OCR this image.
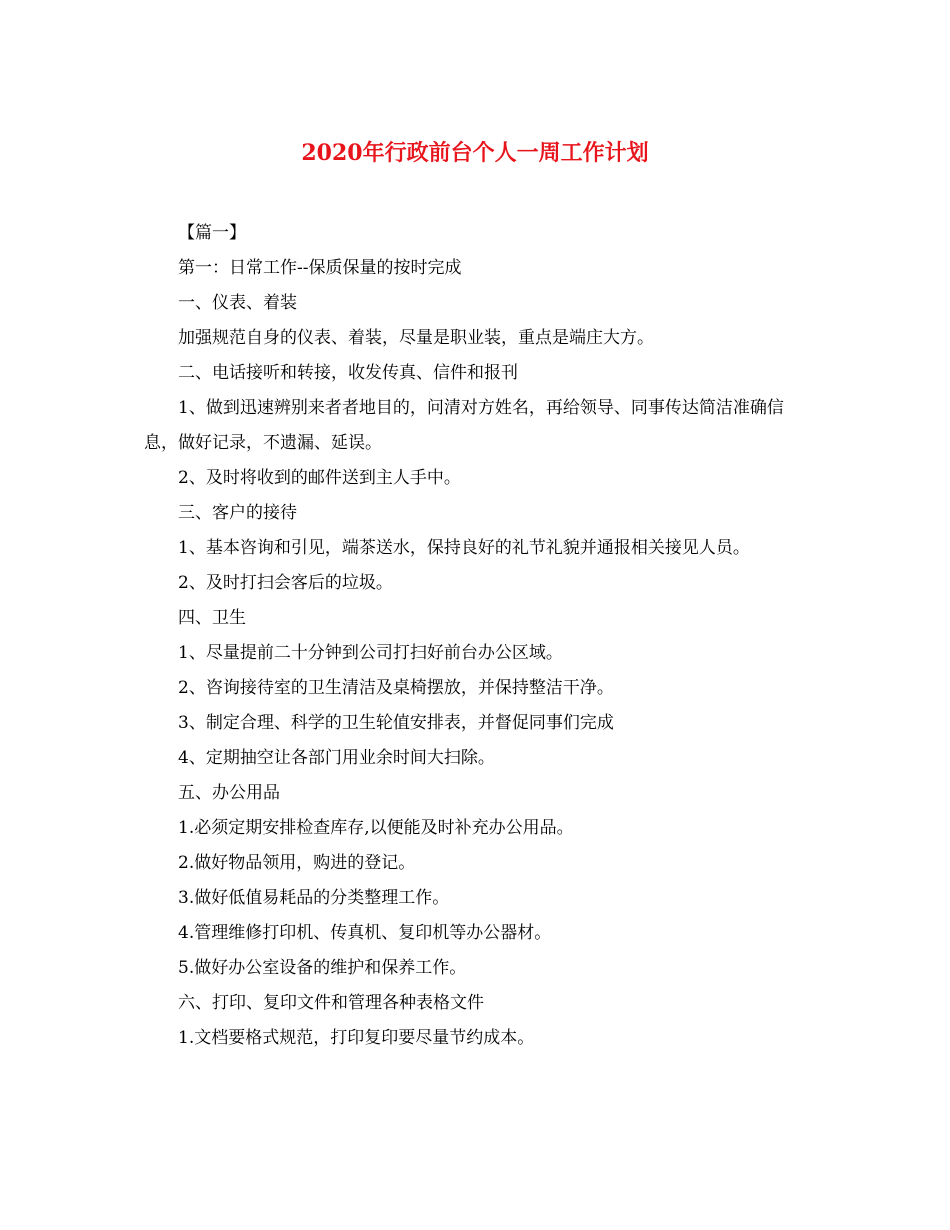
2020年行政前台个人一周工作计划

【篇一】

第一：日常工作--保质保量的按时完成

一、仪表、着装

加强规范自身的仪表、着装，尽量是职业装，重点是端庄大方。

二、电话接听和转接，收发传真、信件和报刊

1、做到迅速辨别来者者地目的，问清对方姓名，再给领导、同事传达简洁准确信息，做好记录，不遗漏、延误。

2、及时将收到的邮件送到主人手中。

三、客户的接待

1、基本咨询和引见，端茶送水，保持良好的礼节礼貌并通报相关接见人员。

2、及时打扫会客后的垃圾。

四、卫生

1、尽量提前二十分钟到公司打扫好前台办公区域。

2、咨询接待室的卫生清洁及桌椅摆放，并保持整洁干净。

3、制定合理、科学的卫生轮值安排表，并督促同事们完成

4、定期抽空让各部门用业余时间大扫除。

五、办公用品

1.必须定期安排检查库存,以便能及时补充办公用品。

2.做好物品领用，购进的登记。

3.做好低值易耗品的分类整理工作。

4.管理维修打印机、传真机、复印机等办公器材。

5.做好办公室设备的维护和保养工作。

六、打印、复印文件和管理各种表格文件

1.文档要格式规范，打印复印要尽量节约成本。
